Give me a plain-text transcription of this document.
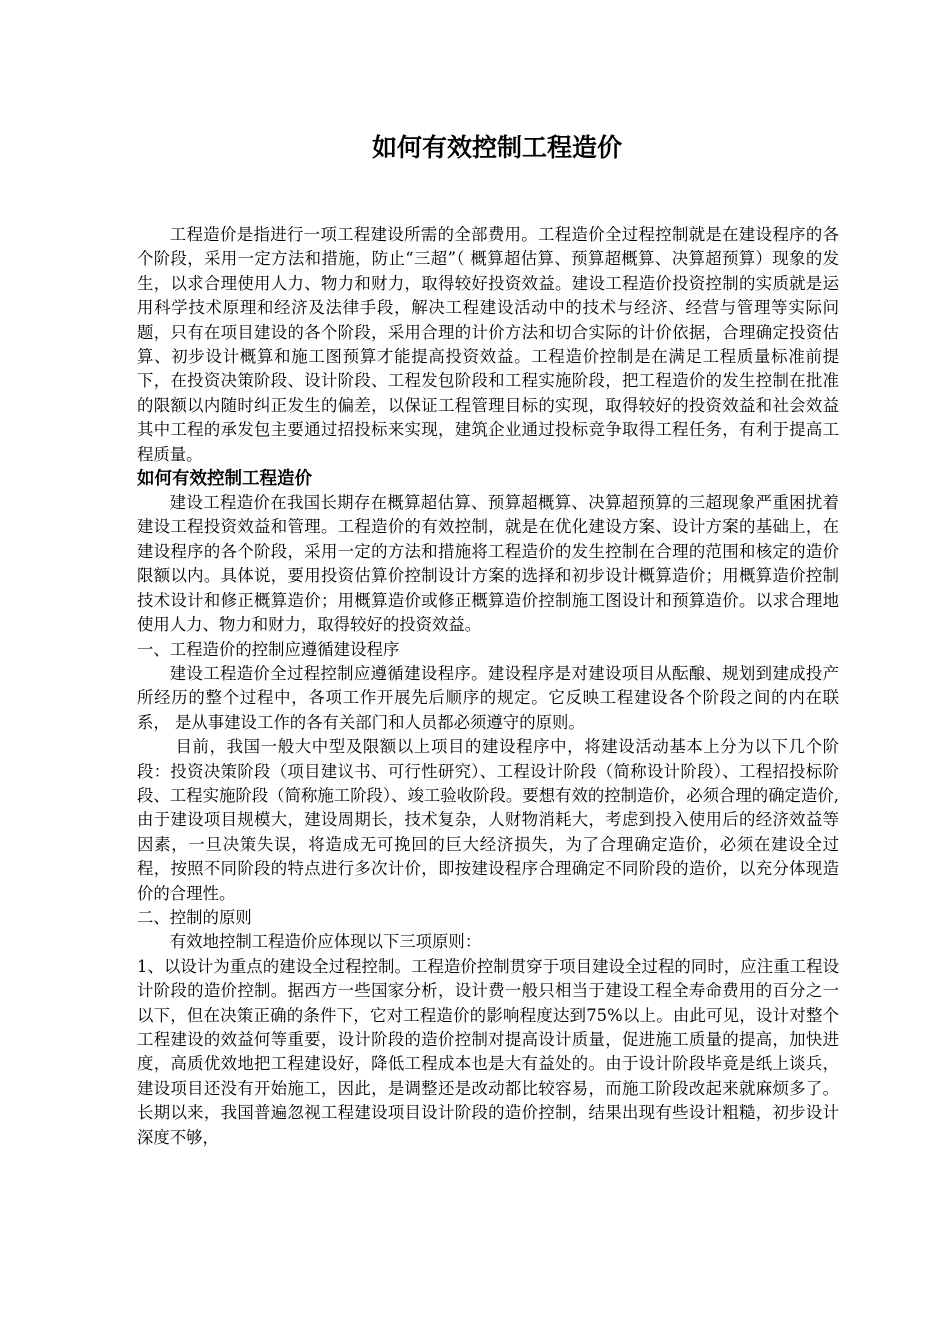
如何有效控制工程造价

工程造价是指进行一项工程建设所需的全部费用。工程造价全过程控制就是在建设程序的各个阶段，采用一定方法和措施，防止“三超”（ 概算超估算、预算超概算、决算超预算）现象的发生，以求合理使用人力、物力和财力，取得较好投资效益。建设工程造价投资控制的实质就是运用科学技术原理和经济及法律手段，解决工程建设活动中的技术与经济、经营与管理等实际问题，只有在项目建设的各个阶段，采用合理的计价方法和切合实际的计价依据，合理确定投资估算、初步设计概算和施工图预算才能提高投资效益。工程造价控制是在满足工程质量标准前提下，在投资决策阶段、设计阶段、工程发包阶段和工程实施阶段，把工程造价的发生控制在批准的限额以内随时纠正发生的偏差，以保证工程管理目标的实现，取得较好的投资效益和社会效益其中工程的承发包主要通过招投标来实现，建筑企业通过投标竞争取得工程任务，有利于提高工程质量。

如何有效控制工程造价

建设工程造价在我国长期存在概算超估算、预算超概算、决算超预算的三超现象严重困扰着建设工程投资效益和管理。工程造价的有效控制，就是在优化建设方案、设计方案的基础上，在建设程序的各个阶段，采用一定的方法和措施将工程造价的发生控制在合理的范围和核定的造价限额以内。具体说，要用投资估算价控制设计方案的选择和初步设计概算造价；用概算造价控制技术设计和修正概算造价；用概算造价或修正概算造价控制施工图设计和预算造价。以求合理地使用人力、物力和财力，取得较好的投资效益。

一、工程造价的控制应遵循建设程序

建设工程造价全过程控制应遵循建设程序。建设程序是对建设项目从酝酿、规划到建成投产所经历的整个过程中，各项工作开展先后顺序的规定。它反映工程建设各个阶段之间的内在联系， 是从事建设工作的各有关部门和人员都必须遵守的原则。

目前，我国一般大中型及限额以上项目的建设程序中，将建设活动基本上分为以下几个阶段：投资决策阶段（项目建议书、可行性研究）、工程设计阶段（简称设计阶段）、工程招投标阶段、工程实施阶段（简称施工阶段）、竣工验收阶段。要想有效的控制造价，必须合理的确定造价,由于建设项目规模大，建设周期长，技术复杂，人财物消耗大，考虑到投入使用后的经济效益等因素，一旦决策失误，将造成无可挽回的巨大经济损失，为了合理确定造价，必须在建设全过程，按照不同阶段的特点进行多次计价，即按建设程序合理确定不同阶段的造价，以充分体现造价的合理性。

二、控制的原则

有效地控制工程造价应体现以下三项原则：

1、以设计为重点的建设全过程控制。工程造价控制贯穿于项目建设全过程的同时，应注重工程设计阶段的造价控制。据西方一些国家分析，设计费一般只相当于建设工程全寿命费用的百分之一以下，但在决策正确的条件下，它对工程造价的影响程度达到75%以上。由此可见，设计对整个工程建设的效益何等重要，设计阶段的造价控制对提高设计质量，促进施工质量的提高，加快进度，高质优效地把工程建设好，降低工程成本也是大有益处的。由于设计阶段毕竟是纸上谈兵，建设项目还没有开始施工，因此，是调整还是改动都比较容易，而施工阶段改起来就麻烦多了。长期以来，我国普遍忽视工程建设项目设计阶段的造价控制，结果出现有些设计粗糙，初步设计深度不够，
